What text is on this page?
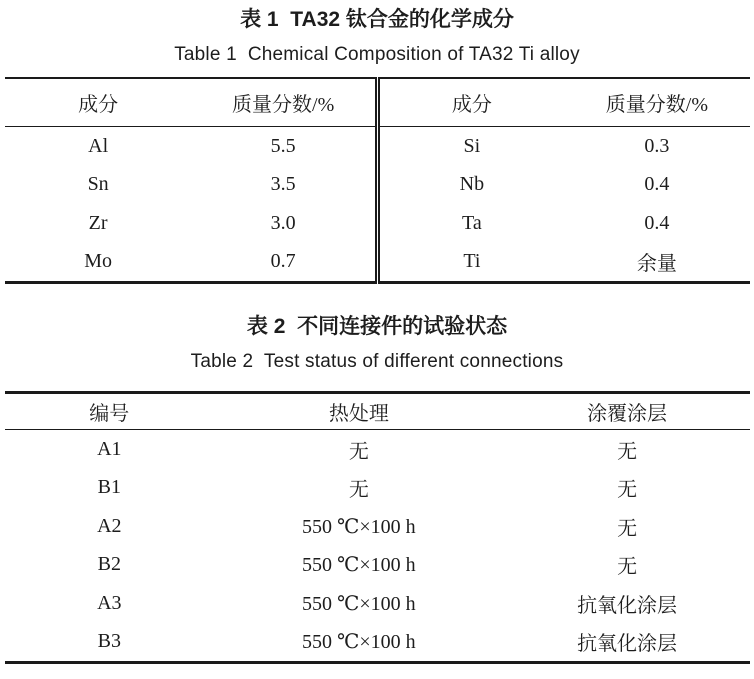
表 1  TA32 钛合金的化学成分
Table 1  Chemical Composition of TA32 Ti alloy
成分	质量分数/%	成分	质量分数/%
Al	5.5	Si	0.3
Sn	3.5	Nb	0.4
Zr	3.0	Ta	0.4
Mo	0.7	Ti	余量
表 2  不同连接件的试验状态
Table 2  Test status of different connections
编号	热处理	涂覆涂层
A1	无	无
B1	无	无
A2	550 ℃×100 h	无
B2	550 ℃×100 h	无
A3	550 ℃×100 h	抗氧化涂层
B3	550 ℃×100 h	抗氧化涂层
